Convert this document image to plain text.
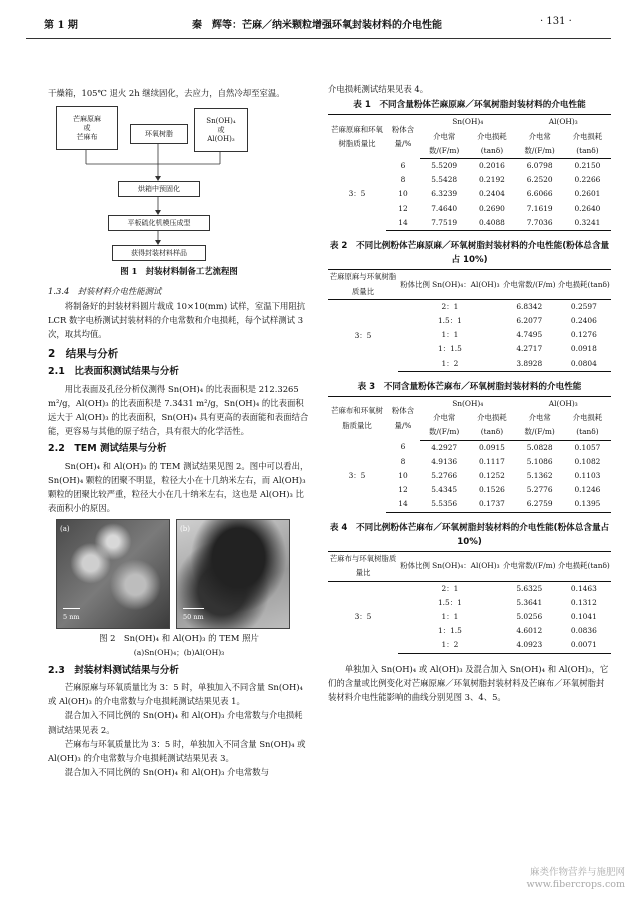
第 1 期	秦　辉等：芒麻／纳米颗粒增强环氧封装材料的介电性能	· 131 ·

干燥箱，105℃ 退火 2h 继续固化，去应力，自然冷却至室温。

芒麻原麻
或
芒麻布	环氧树脂
Sn(OH)₄
或
Al(OH)₃
烘箱中预固化
平板硫化机模压成型
获得封装材料样品
图 1　封装材料制备工艺流程图

1.3.4　封装材料介电性能测试

将制备好的封装材料圆片裁成 10×10(mm) 试样，室温下用阻抗 LCR 数字电桥测试封装材料的介电常数和介电损耗，每个试样测试 3 次，取其均值。

2　结果与分析
2.1　比表面积测试结果与分析

用比表面及孔径分析仪测得 Sn(OH)₄ 的比表面积是 212.3265 m²/g，Al(OH)₃ 的比表面积是 7.3431 m²/g，Sn(OH)₄ 的比表面积远大于 Al(OH)₃ 的比表面积，Sn(OH)₄ 具有更高的表面能和表面结合能，更容易与其他的原子结合，具有很大的化学活性。

2.2　TEM 测试结果与分析

Sn(OH)₄ 和 Al(OH)₃ 的 TEM 测试结果见图 2。图中可以看出，Sn(OH)₄ 颗粒的团聚不明显，粒径大小在十几纳米左右，而 Al(OH)₃ 颗粒的团聚比较严重，粒径大小在几十纳米左右，这也是 Al(OH)₃ 比表面积小的原因。

(a)
5 nm
(b)
50 nm

图 2　Sn(OH)₄ 和 Al(OH)₃ 的 TEM 照片

(a)Sn(OH)₄；(b)Al(OH)₃

2.3　封装材料测试结果与分析

芒麻原麻与环氧质量比为 3：5 时，单独加入不同含量 Sn(OH)₄ 或 Al(OH)₃ 的介电常数与介电损耗测试结果见表 1。

混合加入不同比例的 Sn(OH)₄ 和 Al(OH)₃ 介电常数与介电损耗测试结果见表 2。

芒麻布与环氧质量比为 3：5 时，单独加入不同含量 Sn(OH)₄ 或 Al(OH)₃ 的介电常数与介电损耗测试结果见表 3。

混合加入不同比例的 Sn(OH)₄ 和 Al(OH)₃ 介电常数与

介电损耗测试结果见表 4。

表 1　不同含量粉体芒麻原麻／环氧树脂封装材料的介电性能
芒麻原麻和环氧树脂质量比	粉体含量/%	Sn(OH)₄		Al(OH)₃	
		介电常数/(F/m)	介电损耗(tanδ)	介电常数/(F/m)	介电损耗(tanδ)
3：5	6	5.5209	0.2016	6.0798	0.2150
	8	5.5428	0.2192	6.2520	0.2266
	10	6.3239	0.2404	6.6066	0.2601
	12	7.4640	0.2690	7.1619	0.2640
	14	7.7519	0.4088	7.7036	0.3241
表 2　不同比例粉体芒麻原麻／环氧树脂封装材料的介电性能(粉体总含量占 10%)
芒麻原麻与环氧树脂质量比	粉体比例 Sn(OH)₄：Al(OH)₃	介电常数/(F/m)	介电损耗(tanδ)
3：5	2：1	6.8342	0.2597
	1.5：1	6.2077	0.2406
	1：1	4.7495	0.1276
	1：1.5	4.2717	0.0918
	1：2	3.8928	0.0804
表 3　不同含量粉体芒麻布／环氧树脂封装材料的介电性能
芒麻布和环氧树脂质量比	粉体含量/%	Sn(OH)₄		Al(OH)₃	
		介电常数/(F/m)	介电损耗(tanδ)	介电常数/(F/m)	介电损耗(tanδ)
3：5	6	4.2927	0.0915	5.0828	0.1057
	8	4.9136	0.1117	5.1086	0.1082
	10	5.2766	0.1252	5.1362	0.1103
	12	5.4345	0.1526	5.2776	0.1246
	14	5.5356	0.1737	6.2759	0.1395
表 4　不同比例粉体芒麻布／环氧树脂封装材料的介电性能(粉体总含量占 10%)
芒麻布与环氧树脂质量比	粉体比例 Sn(OH)₄：Al(OH)₃	介电常数/(F/m)	介电损耗(tanδ)
3：5	2：1	5.6325	0.1463
	1.5：1	5.3641	0.1312
	1：1	5.0256	0.1041
	1：1.5	4.6012	0.0836
	1：2	4.0923	0.0071

单独加入 Sn(OH)₄ 或 Al(OH)₃ 及混合加入 Sn(OH)₄ 和 Al(OH)₃，它们的含量或比例变化对芒麻原麻／环氧树脂封装材料及芒麻布／环氧树脂封装材料介电性能影响的曲线分别见图 3、4、5。

麻类作物营养与施肥网
www.fibercrops.com
